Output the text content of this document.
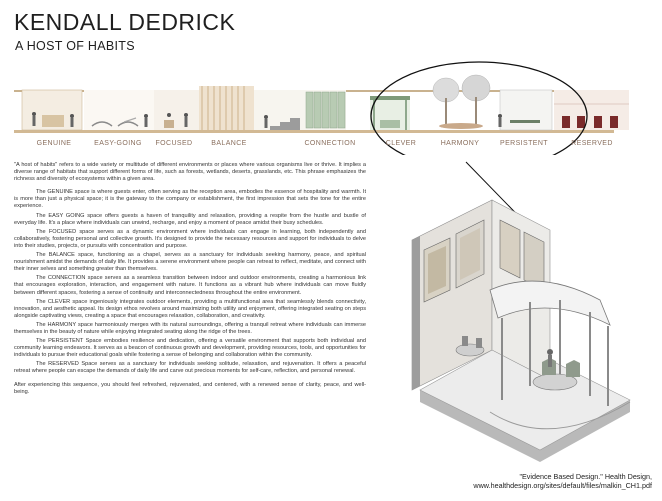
KENDALL DEDRICK
A HOST OF HABITS
GENUINE	EASY-GOING FOCUSED	BALANCE	CONNECTION	CLEVER	HARMONY	PERSISTENT	RESERVED

"A host of habits" refers to a wide variety or multitude of different environments or places where various organisms live or thrive. It implies a diverse range of habitats that support different forms of life, such as forests, wetlands, deserts, grasslands, etc. This phrase emphasizes the richness and diversity of ecosystems within a given area.

The GENUINE space is where guests enter, often serving as the reception area, embodies the essence of hospitality and warmth. It is more than just a physical space; it is the gateway to the company or establishment, the first impression that sets the tone for the entire experience.

The EASY GOING space offers guests a haven of tranquility and relaxation, providing a respite from the hustle and bustle of everyday life. It's a place where individuals can unwind, recharge, and enjoy a moment of peace amidst their busy schedules.

The FOCUSED space serves as a dynamic environment where individuals can engage in learning, both independently and collaboratively, fostering personal and collective growth. It's designed to provide the necessary resources and support for individuals to delve into their studies, projects, or pursuits with concentration and purpose.

The BALANCE space, functioning as a chapel, serves as a sanctuary for individuals seeking harmony, peace, and spiritual nourishment amidst the demands of daily life. It provides a serene environment where people can retreat to reflect, meditate, and connect with their inner selves and something greater than themselves.

The CONNECTION space serves as a seamless transition between indoor and outdoor environments, creating a harmonious link that encourages exploration, interaction, and engagement with nature. It functions as a vibrant hub where individuals can move fluidly between different spaces, fostering a sense of continuity and interconnectedness throughout the entire environment.

The CLEVER space ingeniously integrates outdoor elements, providing a multifunctional area that seamlessly blends connectivity, innovation, and aesthetic appeal. Its design ethos revolves around maximizing both utility and enjoyment, offering integrated seating on steps alongside captivating views, creating a space that encourages relaxation, collaboration, and creativity.

The HARMONY space harmoniously merges with its natural surroundings, offering a tranquil retreat where individuals can immerse themselves in the beauty of nature while enjoying integrated seating along the ridge of the trees.

The PERSISTENT Space embodies resilience and dedication, offering a versatile environment that supports both individual and community learning endeavors. It serves as a beacon of continuous growth and development, providing resources, tools, and opportunities for individuals to pursue their educational goals while fostering a sense of belonging and collaboration within the community.

The RESERVED Space serves as a sanctuary for individuals seeking solitude, relaxation, and rejuvenation. It offers a peaceful retreat where people can escape the demands of daily life and carve out precious moments for self-care, reflection, and personal renewal.

After experiencing this sequence, you should feel refreshed, rejuvenated, and centered, with a renewed sense of clarity, peace, and well-being.

"Evidence Based Design." Health Design,
www.healthdesign.org/sites/default/files/malkin_CH1.pdf
